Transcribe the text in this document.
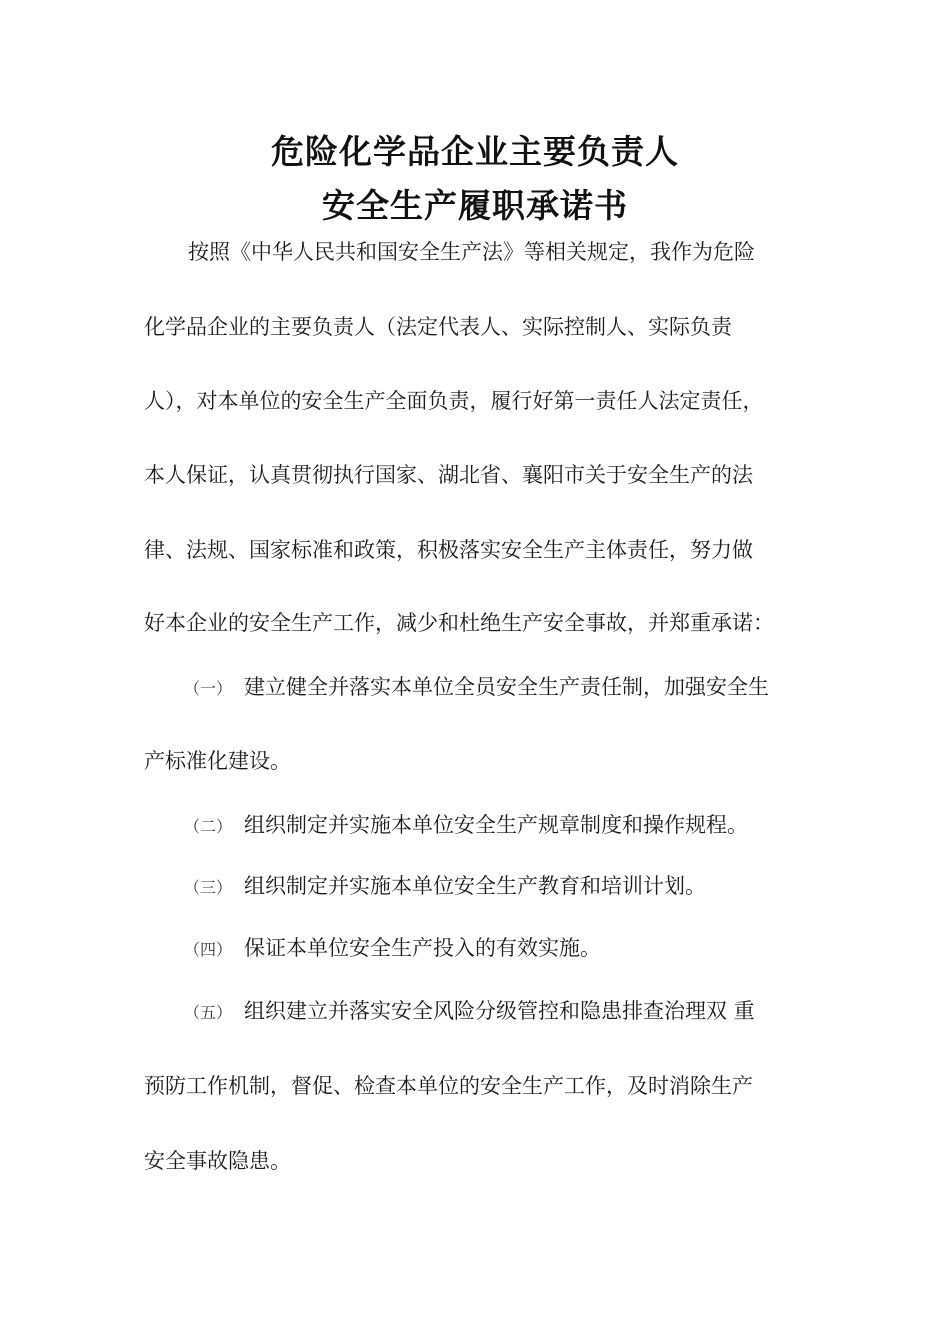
危险化学品企业主要负责人
安全生产履职承诺书

按照《中华人民共和国安全生产法》等相关规定，我作为危险

化学品企业的主要负责人（法定代表人、实际控制人、实际负责

人），对本单位的安全生产全面负责，履行好第一责任人法定责任，

本人保证，认真贯彻执行国家、湖北省、襄阳市关于安全生产的法

律、法规、国家标准和政策，积极落实安全生产主体责任，努力做

好本企业的安全生产工作，减少和杜绝生产安全事故，并郑重承诺：

（一） 建立健全并落实本单位全员安全生产责任制，加强安全生

产标准化建设。

（二） 组织制定并实施本单位安全生产规章制度和操作规程。
（三） 组织制定并实施本单位安全生产教育和培训计划。
（四） 保证本单位安全生产投入的有效实施。
（五） 组织建立并落实安全风险分级管控和隐患排查治理双 重

预防工作机制，督促、检查本单位的安全生产工作，及时消除生产

安全事故隐患。
